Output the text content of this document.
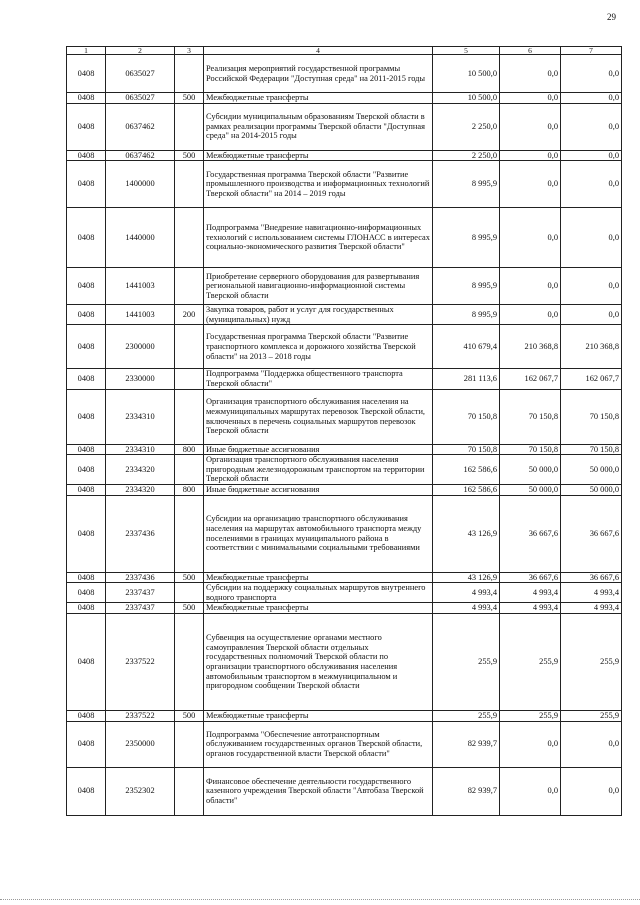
29
1	2	3	4	5	6	7
0408	0635027		Реализация мероприятий государственной программы Российской Федерации "Доступная среда" на 2011-2015 годы	10 500,0	0,0	0,0
0408	0635027	500	Межбюджетные трансферты	10 500,0	0,0	0,0
0408	0637462		Субсидии муниципальным образованиям Тверской области в рамках реализации программы Тверской области "Доступная среда" на 2014-2015 годы	2 250,0	0,0	0,0
0408	0637462	500	Межбюджетные трансферты	2 250,0	0,0	0,0
0408	1400000		Государственная программа Тверской области "Развитие промышленного производства и информационных технологий Тверской области" на 2014 – 2019 годы	8 995,9	0,0	0,0
0408	1440000		Подпрограмма "Внедрение навигационно-информационных технологий с использованием системы ГЛОНАСС в интересах социально-экономического развития Тверской области"	8 995,9	0,0	0,0
0408	1441003		Приобретение серверного оборудования для развертывания региональной навигационно-информационной системы Тверской области	8 995,9	0,0	0,0
0408	1441003	200	Закупка товаров, работ и услуг для государственных (муниципальных) нужд	8 995,9	0,0	0,0
0408	2300000		Государственная программа Тверской области "Развитие транспортного комплекса и дорожного хозяйства Тверской области" на 2013 – 2018 годы	410 679,4	210 368,8	210 368,8
0408	2330000		Подпрограмма "Поддержка общественного транспорта Тверской области"	281 113,6	162 067,7	162 067,7
0408	2334310		Организация транспортного обслуживания населения на межмуниципальных маршрутах перевозок Тверской области, включенных в перечень социальных маршрутов перевозок Тверской области	70 150,8	70 150,8	70 150,8
0408	2334310	800	Иные бюджетные ассигнования	70 150,8	70 150,8	70 150,8
0408	2334320		Организация транспортного обслуживания населения пригородным железнодорожным транспортом на территории Тверской области	162 586,6	50 000,0	50 000,0
0408	2334320	800	Иные бюджетные ассигнования	162 586,6	50 000,0	50 000,0
0408	2337436		Субсидии на организацию транспортного обслуживания населения на маршрутах автомобильного транспорта между поселениями в границах муниципального района в соответствии с минимальными социальными требованиями	43 126,9	36 667,6	36 667,6
0408	2337436	500	Межбюджетные трансферты	43 126,9	36 667,6	36 667,6
0408	2337437		Субсидии на поддержку социальных маршрутов внутреннего водного транспорта	4 993,4	4 993,4	4 993,4
0408	2337437	500	Межбюджетные трансферты	4 993,4	4 993,4	4 993,4
0408	2337522		Субвенция на осуществление органами местного самоуправления Тверской области отдельных государственных полномочий Тверской области по организации транспортного обслуживания населения автомобильным транспортом в межмуниципальном и пригородном сообщении Тверской области	255,9	255,9	255,9
0408	2337522	500	Межбюджетные трансферты	255,9	255,9	255,9
0408	2350000		Подпрограмма "Обеспечение автотранспортным обслуживанием государственных органов Тверской области, органов государственной власти Тверской области"	82 939,7	0,0	0,0
0408	2352302		Финансовое обеспечение деятельности государственного казенного учреждения Тверской области "Автобаза Тверской области"	82 939,7	0,0	0,0
